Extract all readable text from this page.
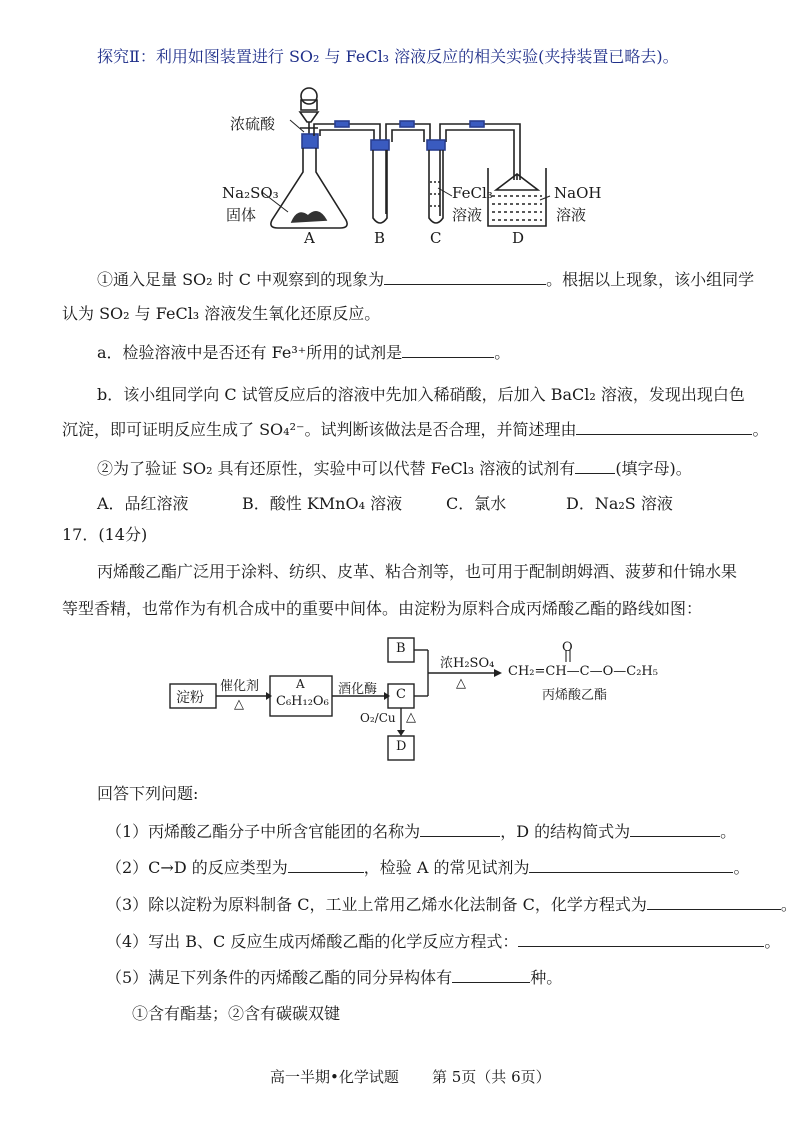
探究Ⅱ：利用如图装置进行 SO₂ 与 FeCl₃ 溶液反应的相关实验(夹持装置已略去)。
浓硫酸
Na₂SO₃
固体
FeCl₃
溶液
NaOH
溶液
A	B	C	D
①通入足量 SO₂ 时 C 中观察到的现象为	。根据以上现象，该小组同学
认为 SO₂ 与 FeCl₃ 溶液发生氧化还原反应。
a．检验溶液中是否还有 Fe³⁺所用的试剂是	。
b．该小组同学向 C 试管反应后的溶液中先加入稀硝酸，后加入 BaCl₂ 溶液，发现出现白色
沉淀，即可证明反应生成了 SO₄²⁻。试判断该做法是否合理，并简述理由	。
②为了验证 SO₂ 具有还原性，实验中可以代替 FeCl₃ 溶液的试剂有	(填字母)。
A．品红溶液	B．酸性 KMnO₄ 溶液	C．氯水	D．Na₂S 溶液
17．(14分)
丙烯酸乙酯广泛用于涂料、纺织、皮革、粘合剂等，也可用于配制朗姆酒、菠萝和什锦水果
等型香精，也常作为有机合成中的重要中间体。由淀粉为原料合成丙烯酸乙酯的路线如图：
淀粉
催化剂
△
A
C₆H₁₂O₆
酒化酶
B
C
D
浓H₂SO₄
△
O₂/Cu △
O
CH₂=CH—C—O—C₂H₅
丙烯酸乙酯
回答下列问题:
（1）丙烯酸乙酯分子中所含官能团的名称为	，D 的结构简式为	。
（2）C→D 的反应类型为	，检验 A 的常见试剂为	。
（3）除以淀粉为原料制备 C，工业上常用乙烯水化法制备 C，化学方程式为	。
（4）写出 B、C 反应生成丙烯酸乙酯的化学反应方程式：	。
（5）满足下列条件的丙烯酸乙酯的同分异构体有	种。
①含有酯基；②含有碳碳双键
高一半期•化学试题 第 5页（共 6页）
